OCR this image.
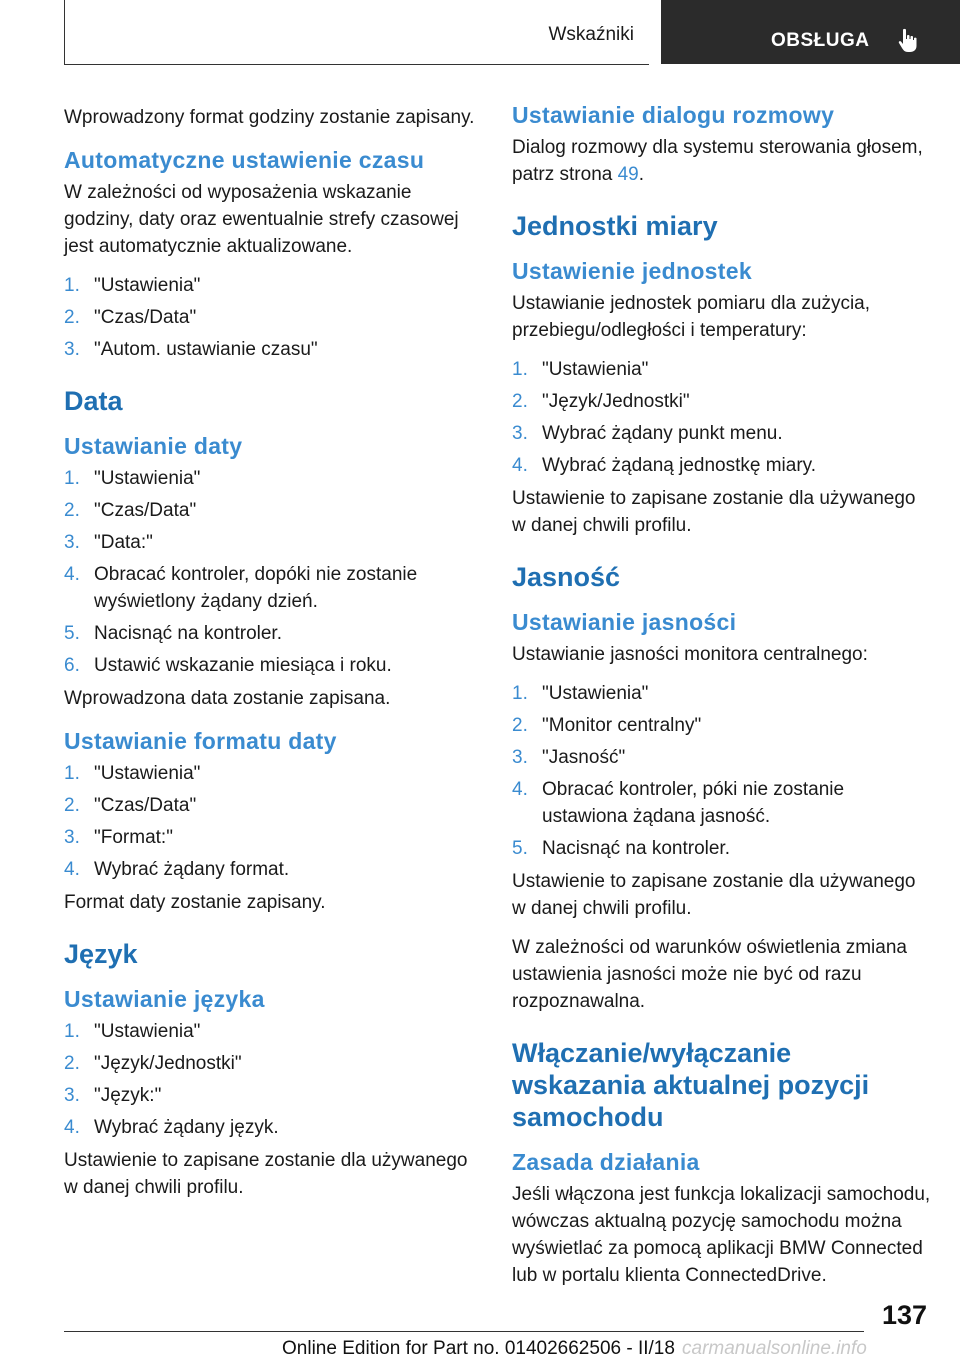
Wskaźniki	OBSŁUGA

Wprowadzony format godziny zostanie zapisany.

Automatyczne ustawienie czasu

W zależności od wyposażenia wskazanie godziny, daty oraz ewentualnie strefy czasowej jest automatycznie aktualizowane.

1. "Ustawienia"
2. "Czas/Data"
3. "Autom. ustawianie czasu"
Data
Ustawianie daty
1. "Ustawienia"
2. "Czas/Data"
3. "Data:"
4. Obracać kontroler, dopóki nie zostanie wyświetlony żądany dzień.
5. Nacisnąć na kontroler.
6. Ustawić wskazanie miesiąca i roku.

Wprowadzona data zostanie zapisana.

Ustawianie formatu daty
1. "Ustawienia"
2. "Czas/Data"
3. "Format:"
4. Wybrać żądany format.

Format daty zostanie zapisany.

Język
Ustawianie języka
1. "Ustawienia"
2. "Język/Jednostki"
3. "Język:"
4. Wybrać żądany język.

Ustawienie to zapisane zostanie dla używanego w danej chwili profilu.

Ustawianie dialogu rozmowy

Dialog rozmowy dla systemu sterowania głosem, patrz strona 49.

Jednostki miary
Ustawienie jednostek

Ustawianie jednostek pomiaru dla zużycia, przebiegu/odległości i temperatury:

1. "Ustawienia"
2. "Język/Jednostki"
3. Wybrać żądany punkt menu.
4. Wybrać żądaną jednostkę miary.

Ustawienie to zapisane zostanie dla używanego w danej chwili profilu.

Jasność
Ustawianie jasności

Ustawianie jasności monitora centralnego:

1. "Ustawienia"
2. "Monitor centralny"
3. "Jasność"
4. Obracać kontroler, póki nie zostanie ustawiona żądana jasność.
5. Nacisnąć na kontroler.

Ustawienie to zapisane zostanie dla używanego w danej chwili profilu.

W zależności od warunków oświetlenia zmiana ustawienia jasności może nie być od razu rozpoznawalna.

Włączanie/wyłączanie wskazania aktualnej pozycji samochodu
Zasada działania

Jeśli włączona jest funkcja lokalizacji samochodu, wówczas aktualną pozycję samochodu można wyświetlać za pomocą aplikacji BMW Connected lub w portalu klienta ConnectedDrive.

137
Online Edition for Part no. 01402662506 - II/18 carmanualsonline.info
